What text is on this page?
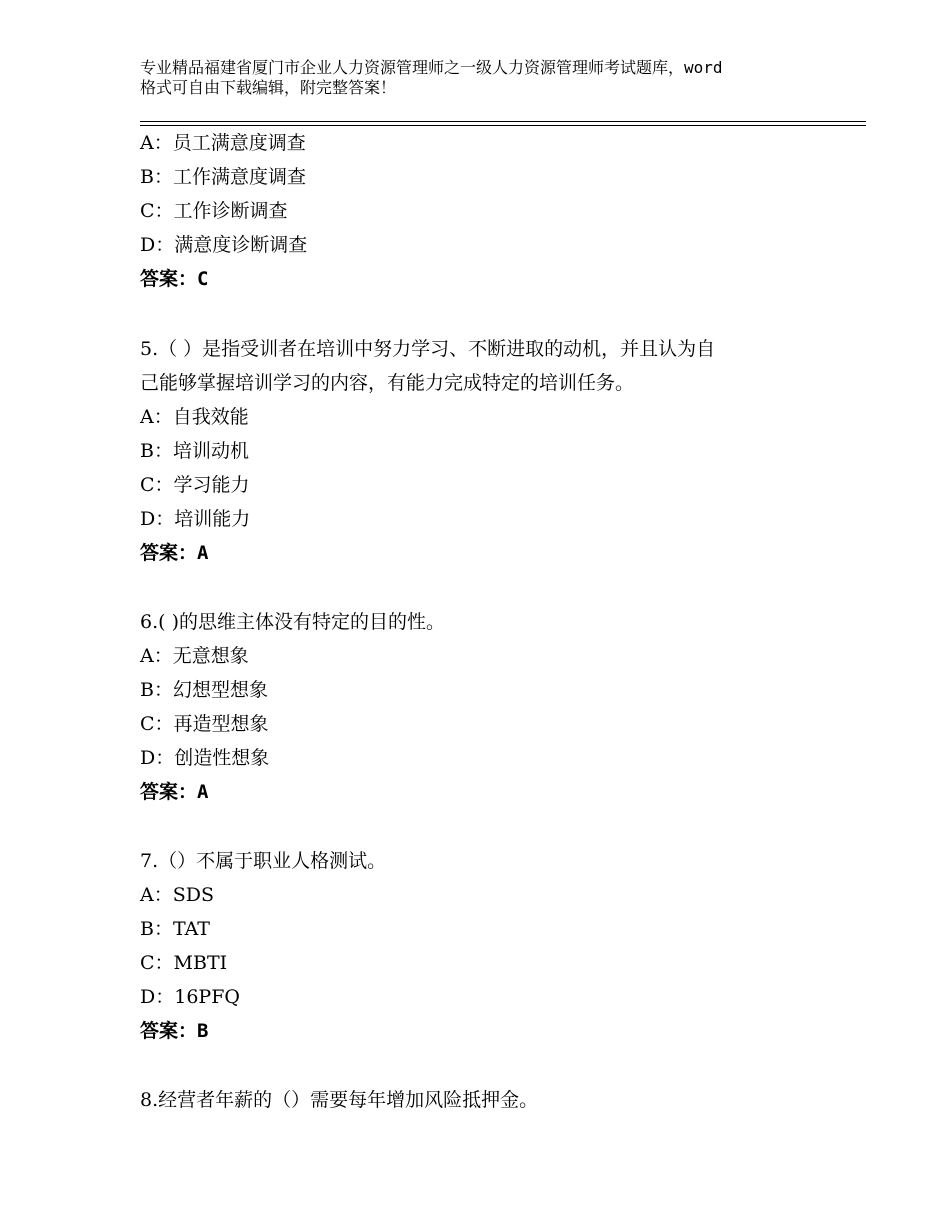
专业精品福建省厦门市企业人力资源管理师之一级人力资源管理师考试题库，word
格式可自由下载编辑，附完整答案！
A：员工满意度调查
B：工作满意度调查
C：工作诊断调查
D：满意度诊断调查
答案：C
5.（ ）是指受训者在培训中努力学习、不断进取的动机，并且认为自
己能够掌握培训学习的内容，有能力完成特定的培训任务。
A：自我效能
B：培训动机
C：学习能力
D：培训能力
答案：A
6.( )的思维主体没有特定的目的性。
A：无意想象
B：幻想型想象
C：再造型想象
D：创造性想象
答案：A
7.（）不属于职业人格测试。
A：SDS
B：TAT
C：MBTI
D：16PFQ
答案：B
8.经营者年薪的（）需要每年增加风险抵押金。
